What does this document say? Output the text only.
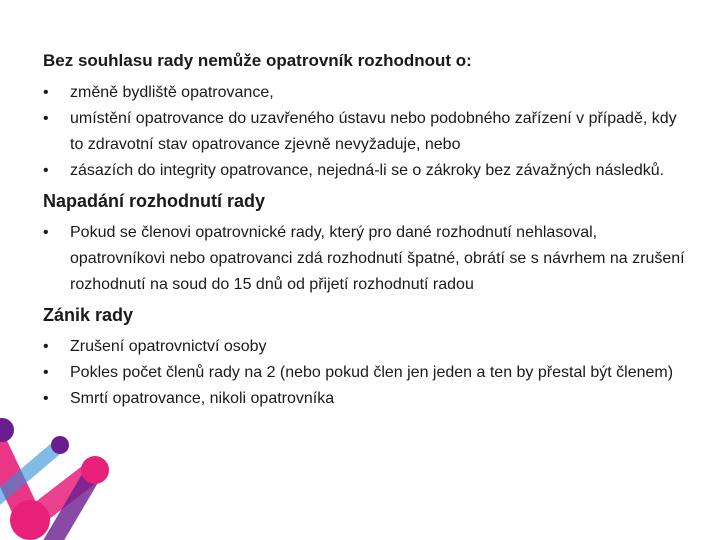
Bez souhlasu rady nemůže opatrovník rozhodnout o:
•	změně bydliště opatrovance,
•	umístění opatrovance do uzavřeného ústavu nebo podobného zařízení v případě, kdy to zdravotní stav opatrovance zjevně nevyžaduje, nebo
•	zásazích do integrity opatrovance, nejedná-li se o zákroky bez závažných následků.
Napadání rozhodnutí rady
•	Pokud se členovi opatrovnické rady, který pro dané rozhodnutí nehlasoval, opatrovníkovi nebo opatrovanci zdá rozhodnutí špatné, obrátí se s návrhem na zrušení rozhodnutí na soud do 15 dnů od přijetí rozhodnutí radou
Zánik rady
•	Zrušení opatrovnictví osoby
•	Pokles počet členů rady na 2 (nebo pokud člen jen jeden a ten by přestal být členem)
•	Smrtí opatrovance, nikoli opatrovníka
